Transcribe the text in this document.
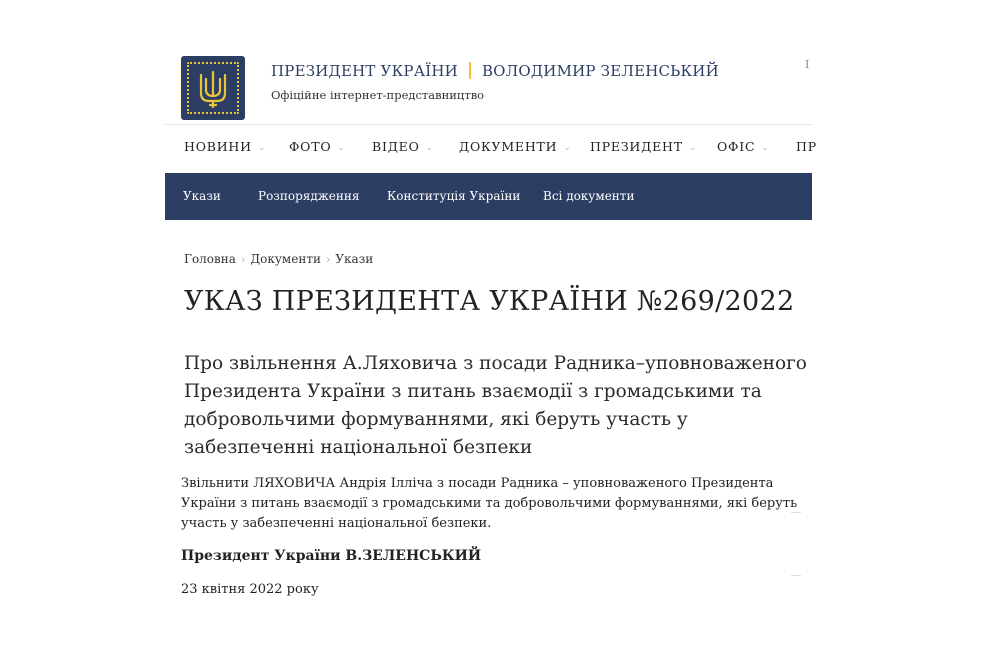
ПРЕЗИДЕНТ УКРАЇНИ ВОЛОДИМИР ЗЕЛЕНСЬКИЙ
Офіційне інтернет-представництво
I
НОВИНИ ⌄ ФОТО ⌄ ВІДЕО ⌄ ДОКУМЕНТИ ⌄ ПРЕЗИДЕНТ ⌄ ОФІС ⌄ ПР
Укази	Розпорядження Конституція України Всі документи
Головна › Документи › Укази
УКАЗ ПРЕЗИДЕНТА УКРАЇНИ №269/2022
Про звільнення А.Ляховича з посади Радника–уповноваженого Президента України з питань взаємодії з громадськими та добровольчими формуваннями, які беруть участь у забезпеченні національної безпеки

Звільнити ЛЯХОВИЧА Андрія Ілліча з посади Радника – уповноваженого Президента України з питань взаємодії з громадськими та добровольчими формуваннями, які беруть участь у забезпеченні національної безпеки.

Президент України В.ЗЕЛЕНСЬКИЙ
23 квітня 2022 року
